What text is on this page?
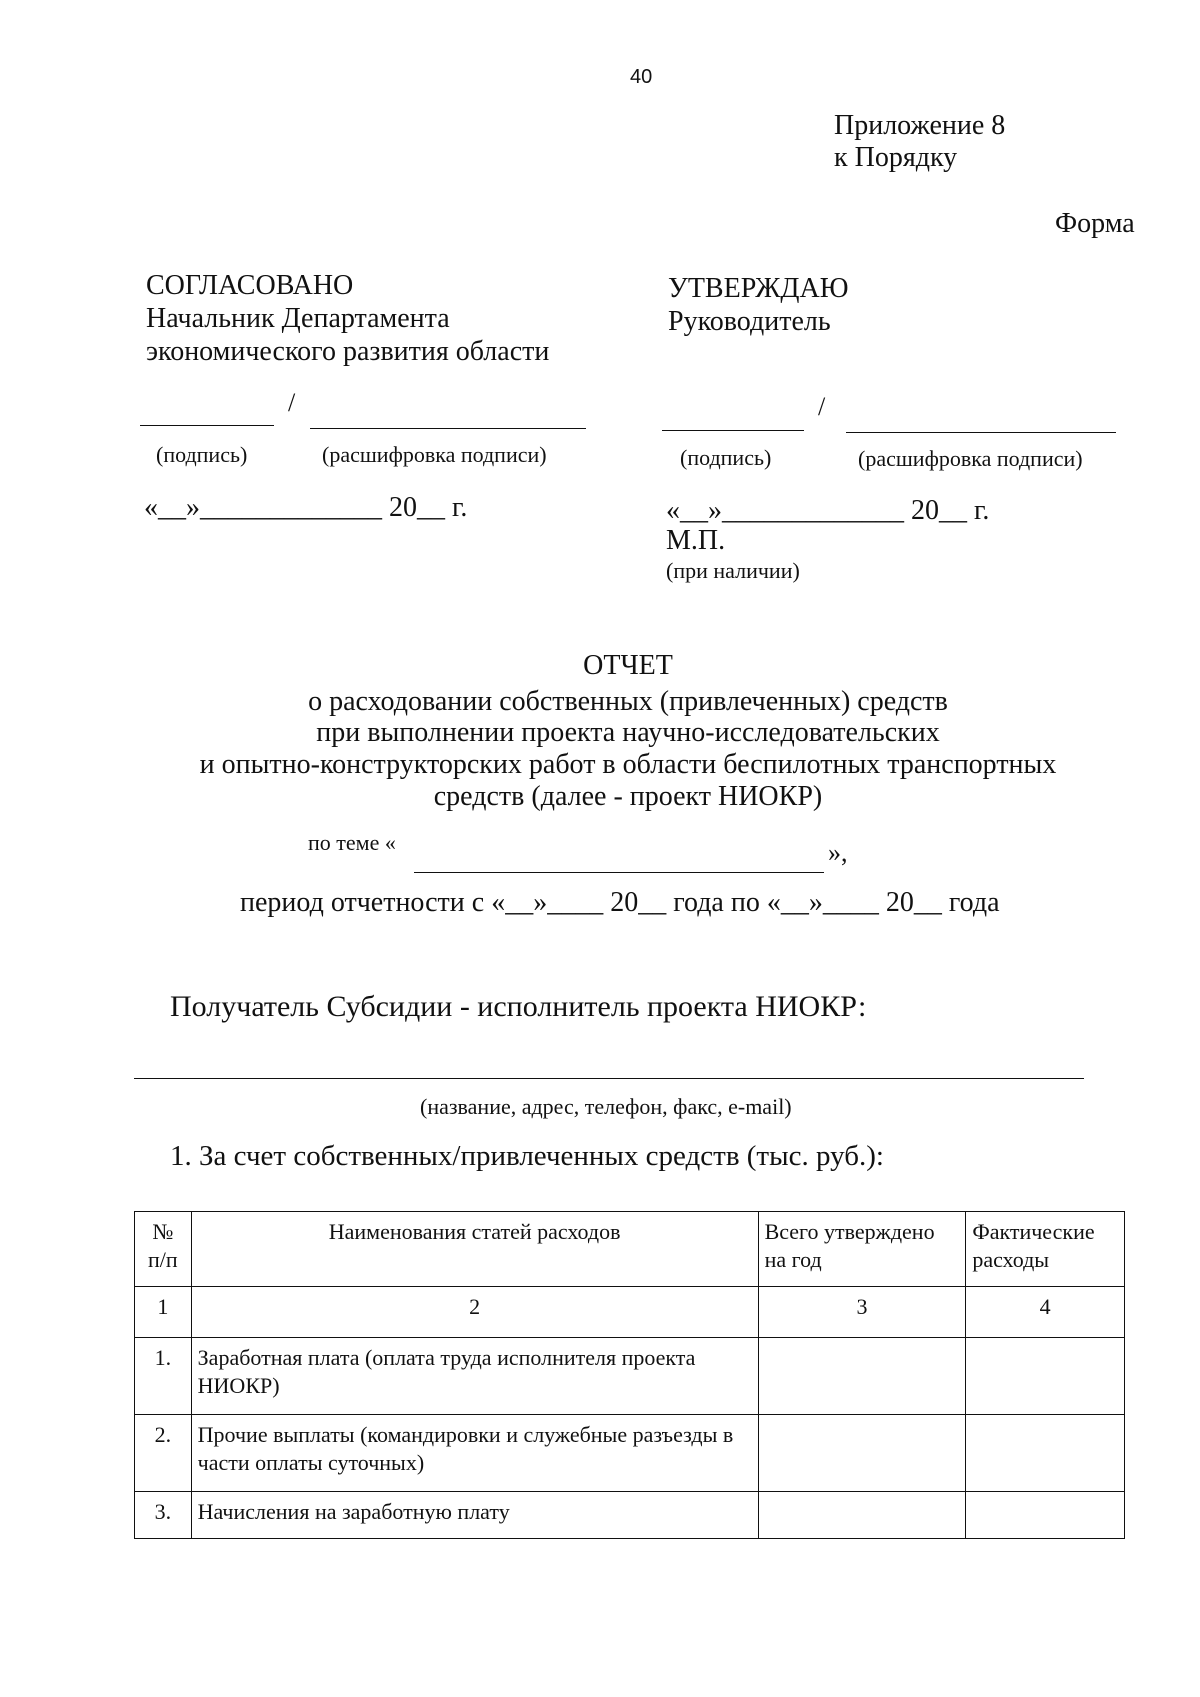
40
Приложение 8
к Порядку
Форма
СОГЛАСОВАНО
Начальник Департамента
экономического развития области
/
(подпись)	(расшифровка подписи)
«__»_____________ 20__ г.
УТВЕРЖДАЮ
Руководитель
/
(подпись)	(расшифровка подписи)
«__»_____________ 20__ г.
М.П.
(при наличии)
ОТЧЕТ
о расходовании собственных (привлеченных) средств
при выполнении проекта научно-исследовательских
и опытно-конструкторских работ в области беспилотных транспортных
средств (далее - проект НИОКР)
по теме «	»,
период отчетности с «__»____ 20__ года по «__»____ 20__ года
Получатель Субсидии - исполнитель проекта НИОКР:
(название, адрес, телефон, факс, e-mail)
1. За счет собственных/привлеченных средств (тыс. руб.):
№ п/п	Наименования статей расходов	Всего утверждено на год	Фактические расходы
1	2	3	4
1.	Заработная плата (оплата труда исполнителя проекта НИОКР)		
2.	Прочие выплаты (командировки и служебные разъезды в части оплаты суточных)		
3.	Начисления на заработную плату		
